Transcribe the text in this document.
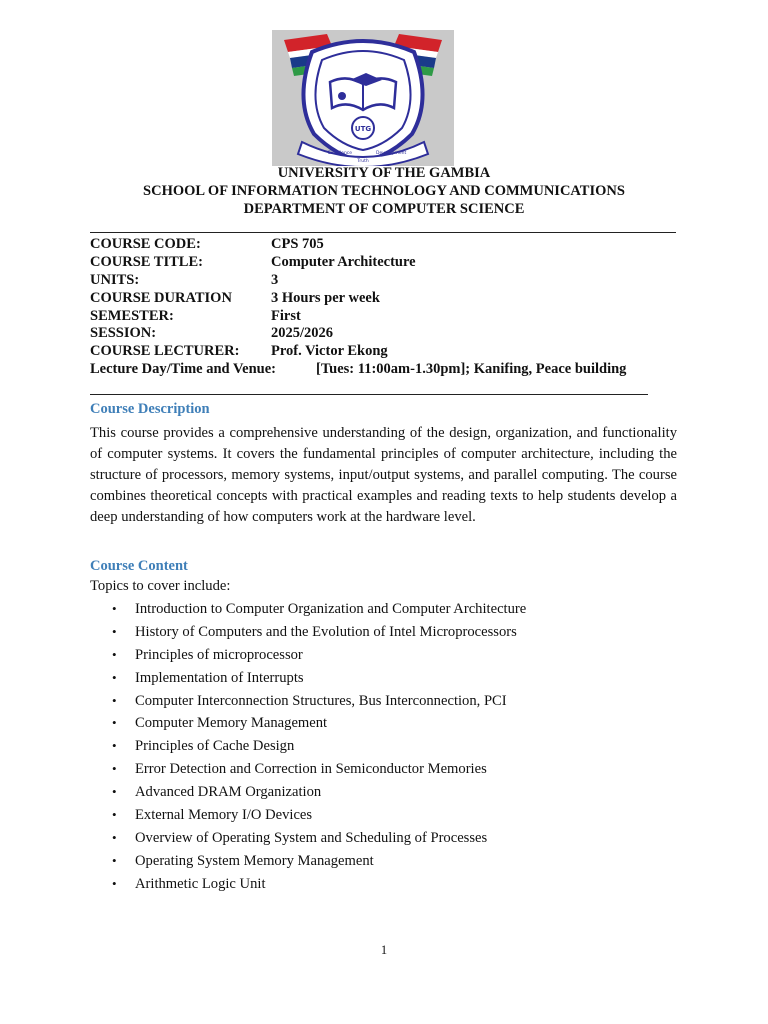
UTG
Excellence
Truth
Development
UNIVERSITY OF THE GAMBIA
SCHOOL OF INFORMATION TECHNOLOGY AND COMMUNICATIONS
DEPARTMENT OF COMPUTER SCIENCE
COURSE CODE:	CPS 705
COURSE TITLE:	Computer Architecture
UNITS:	3
COURSE DURATION	3 Hours per week
SEMESTER:	First
SESSION:	2025/2026
COURSE LECTURER: Prof. Victor Ekong
Lecture Day/Time and Venue:	[Tues: 11:00am-1.30pm]; Kanifing, Peace building
Course Description

This course provides a comprehensive understanding of the design, organization, and functionality of computer systems. It covers the fundamental principles of computer architecture, including the structure of processors, memory systems, input/output systems, and parallel computing. The course combines theoretical concepts with practical examples and reading texts to help students develop a deep understanding of how computers work at the hardware level.

Course Content
Topics to cover include:
• Introduction to Computer Organization and Computer Architecture
• History of Computers and the Evolution of Intel Microprocessors
• Principles of microprocessor
• Implementation of Interrupts
• Computer Interconnection Structures, Bus Interconnection, PCI
• Computer Memory Management
• Principles of Cache Design
• Error Detection and Correction in Semiconductor Memories
• Advanced DRAM Organization
• External Memory I/O Devices
• Overview of Operating System and Scheduling of Processes
• Operating System Memory Management
• Arithmetic Logic Unit
1
